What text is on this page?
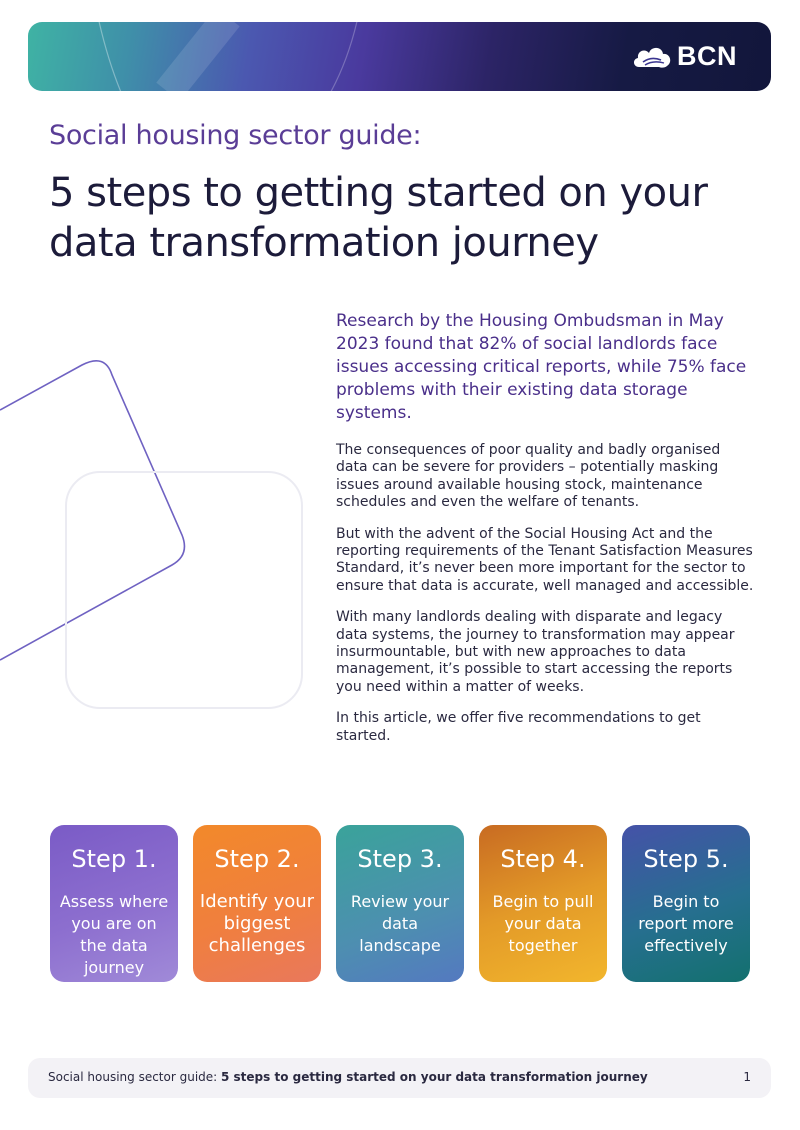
BCN
Social housing sector guide:
5 steps to getting started on your data transformation journey
Research by the Housing Ombudsman in May 2023 found that 82% of social landlords face issues accessing critical reports, while 75% face problems with their existing data storage systems.

The consequences of poor quality and badly organised data can be severe for providers – potentially masking issues around available housing stock, maintenance schedules and even the welfare of tenants.

But with the advent of the Social Housing Act and the reporting requirements of the Tenant Satisfaction Measures Standard, it’s never been more important for the sector to ensure that data is accurate, well managed and accessible.

With many landlords dealing with disparate and legacy data systems, the journey to transformation may appear insurmountable, but with new approaches to data management, it’s possible to start accessing the reports you need within a matter of weeks.

In this article, we offer five recommendations to get started.

Step 1.
Assess where you are on the data journey
Step 2.
Identify your biggest challenges
Step 3.
Review your data landscape
Step 4.
Begin to pull your data together
Step 5.
Begin to report more effectively
Social housing sector guide: 5 steps to getting started on your data transformation journey	1
